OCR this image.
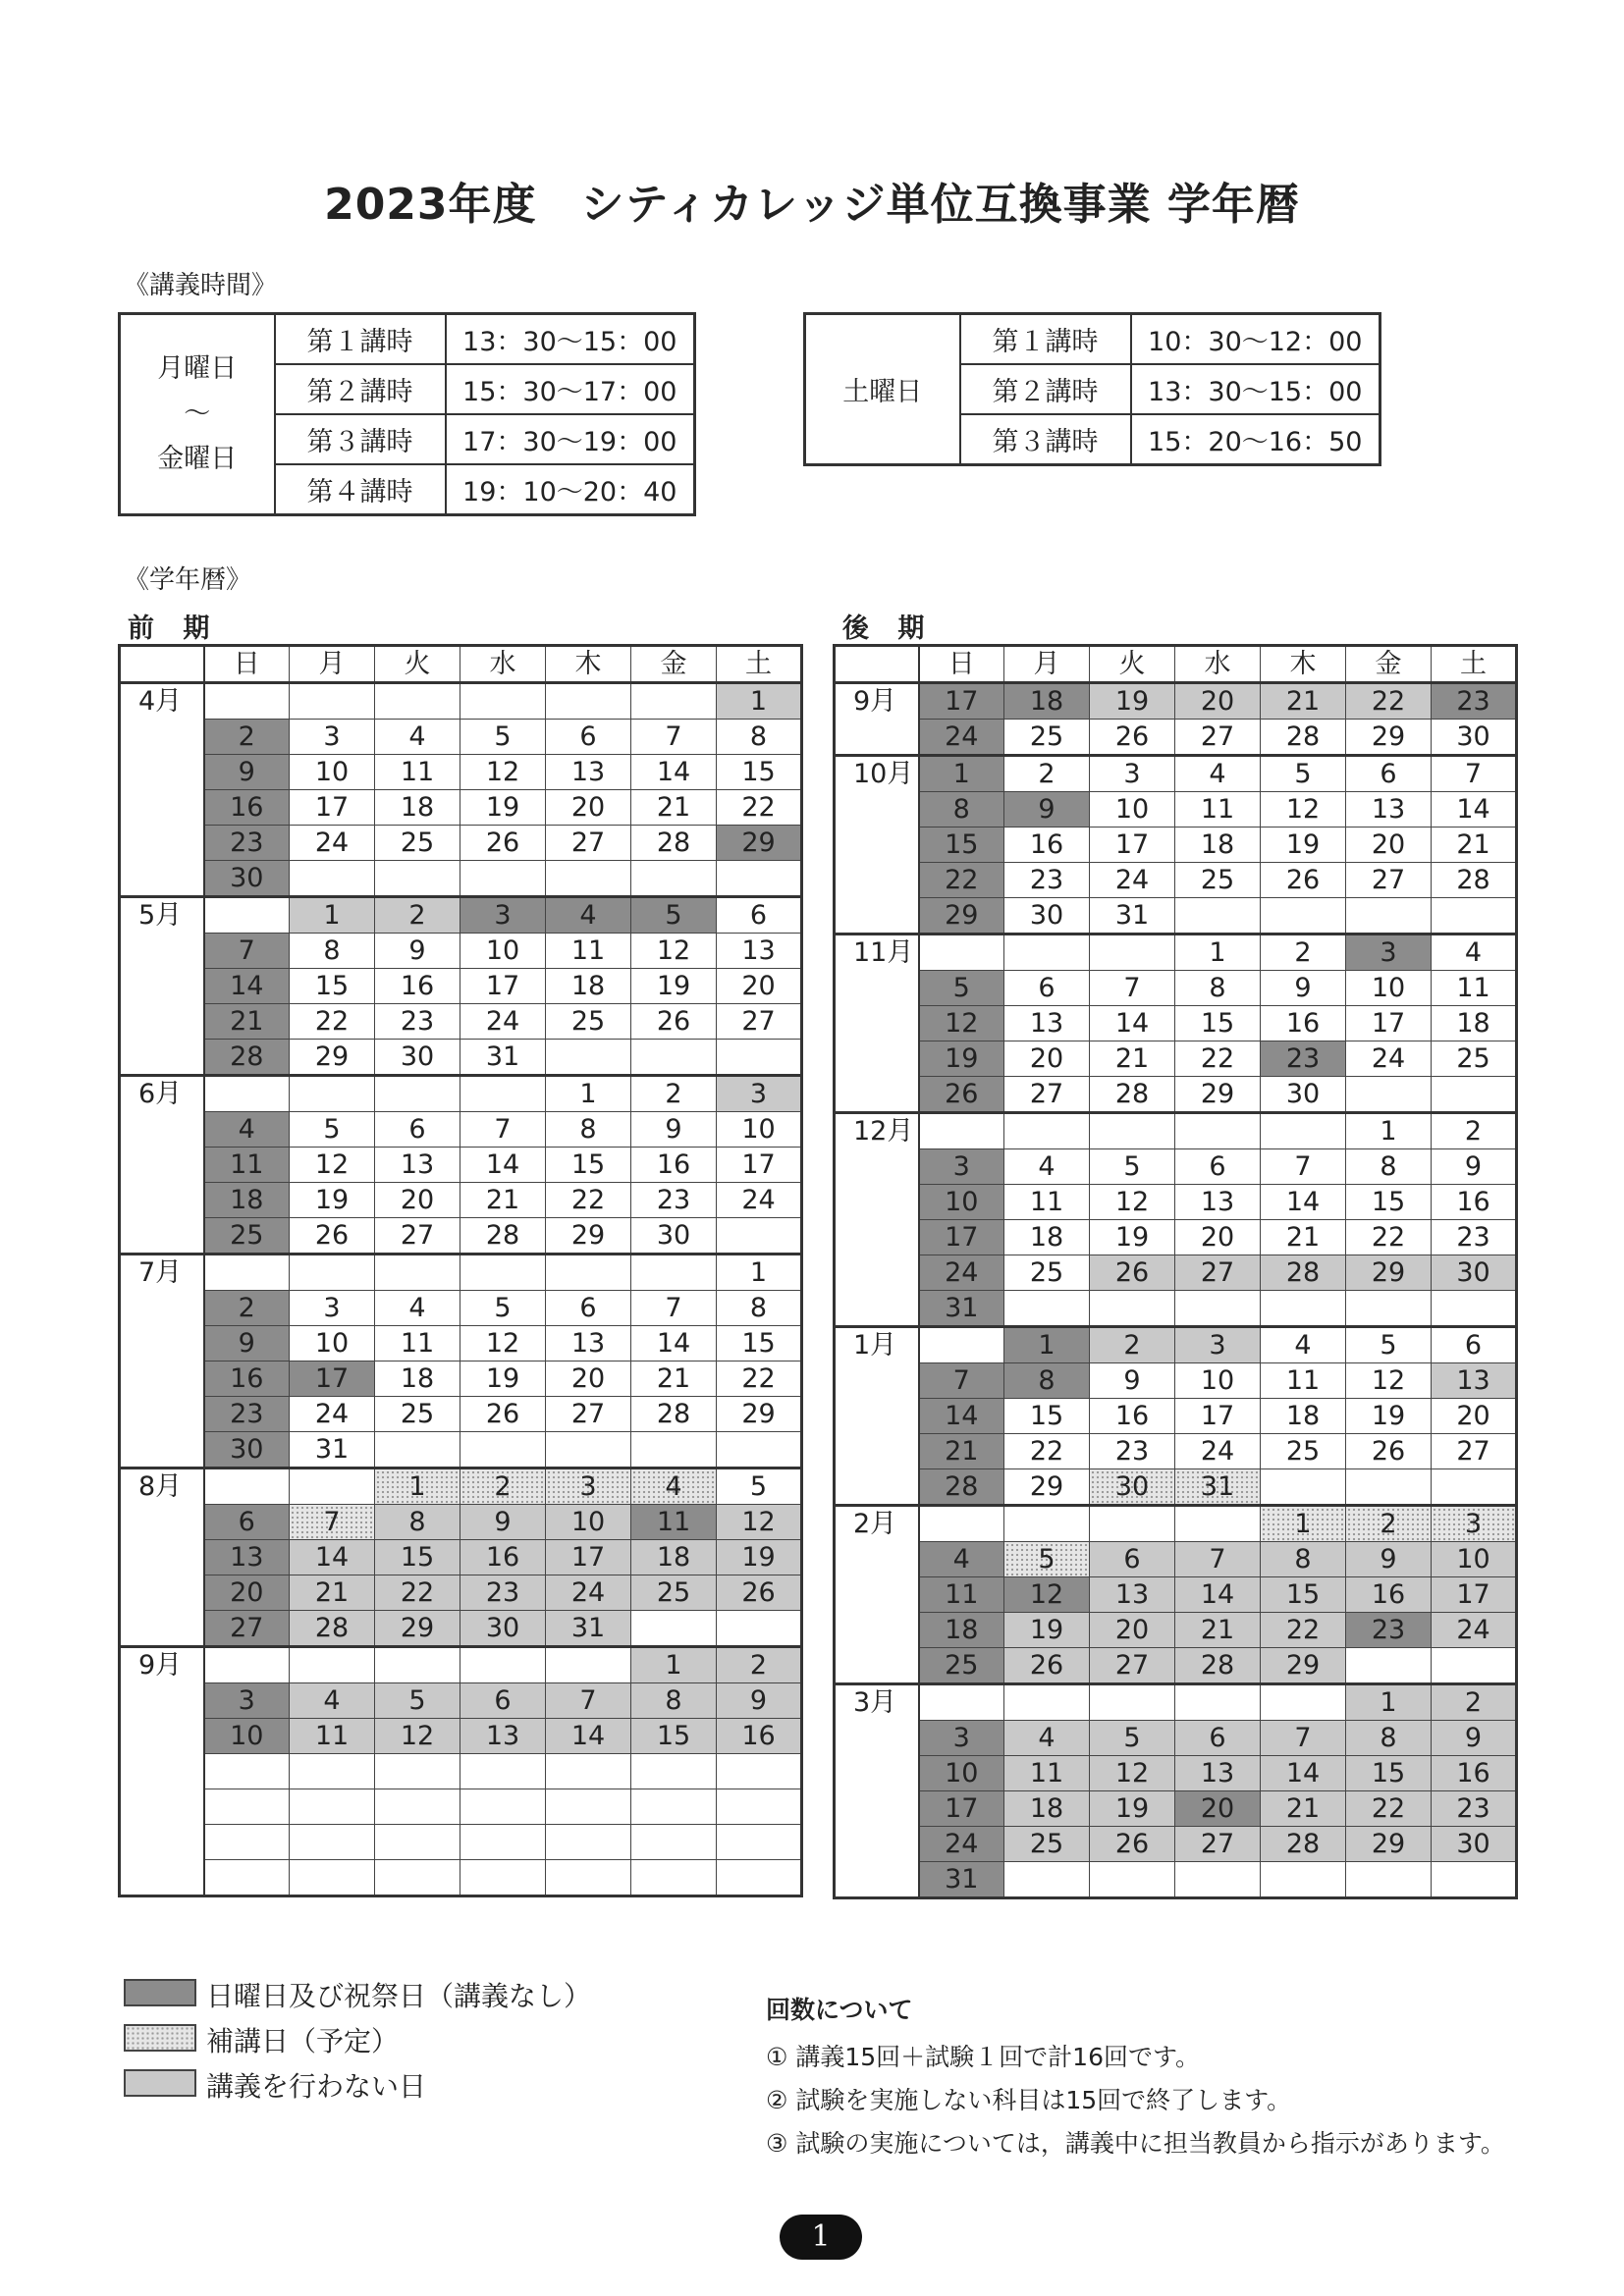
2023年度　シティカレッジ単位互換事業 学年暦
《講義時間》
月曜日
～
金曜日	第１講時	13：30～15：00
	第２講時	15：30～17：00
	第３講時	17：30～19：00
	第４講時	19：10～20：40
土曜日	第１講時	10：30～12：00
	第２講時	13：30～15：00
	第３講時	15：20～16：50
《学年暦》
前 期	後 期
	日	月	火	水	木	金	土
4月							1
	2	3	4	5	6	7	8
	9	10	11	12	13	14	15
	16	17	18	19	20	21	22
	23	24	25	26	27	28	29
	30						
5月		1	2	3	4	5	6
	7	8	9	10	11	12	13
	14	15	16	17	18	19	20
	21	22	23	24	25	26	27
	28	29	30	31			
6月					1	2	3
	4	5	6	7	8	9	10
	11	12	13	14	15	16	17
	18	19	20	21	22	23	24
	25	26	27	28	29	30	
7月							1
	2	3	4	5	6	7	8
	9	10	11	12	13	14	15
	16	17	18	19	20	21	22
	23	24	25	26	27	28	29
	30	31					
8月			1	2	3	4	5
	6	7	8	9	10	11	12
	13	14	15	16	17	18	19
	20	21	22	23	24	25	26
	27	28	29	30	31		
9月						1	2
	3	4	5	6	7	8	9
	10	11	12	13	14	15	16

	日	月	火	水	木	金	土
9月	17	18	19	20	21	22	23
	24	25	26	27	28	29	30
10月	1	2	3	4	5	6	7
	8	9	10	11	12	13	14
	15	16	17	18	19	20	21
	22	23	24	25	26	27	28
	29	30	31				
11月				1	2	3	4
	5	6	7	8	9	10	11
	12	13	14	15	16	17	18
	19	20	21	22	23	24	25
	26	27	28	29	30		
12月						1	2
	3	4	5	6	7	8	9
	10	11	12	13	14	15	16
	17	18	19	20	21	22	23
	24	25	26	27	28	29	30
	31						
1月		1	2	3	4	5	6
	7	8	9	10	11	12	13
	14	15	16	17	18	19	20
	21	22	23	24	25	26	27
	28	29	30	31			
2月					1	2	3
	4	5	6	7	8	9	10
	11	12	13	14	15	16	17
	18	19	20	21	22	23	24
	25	26	27	28	29		
3月						1	2
	3	4	5	6	7	8	9
	10	11	12	13	14	15	16
	17	18	19	20	21	22	23
	24	25	26	27	28	29	30
	31						
日曜日及び祝祭日（講義なし）
補講日（予定）
講義を行わない日
回数について
① 講義15回＋試験１回で計16回です。
② 試験を実施しない科目は15回で終了します。
③ 試験の実施については，講義中に担当教員から指示があります。
1
